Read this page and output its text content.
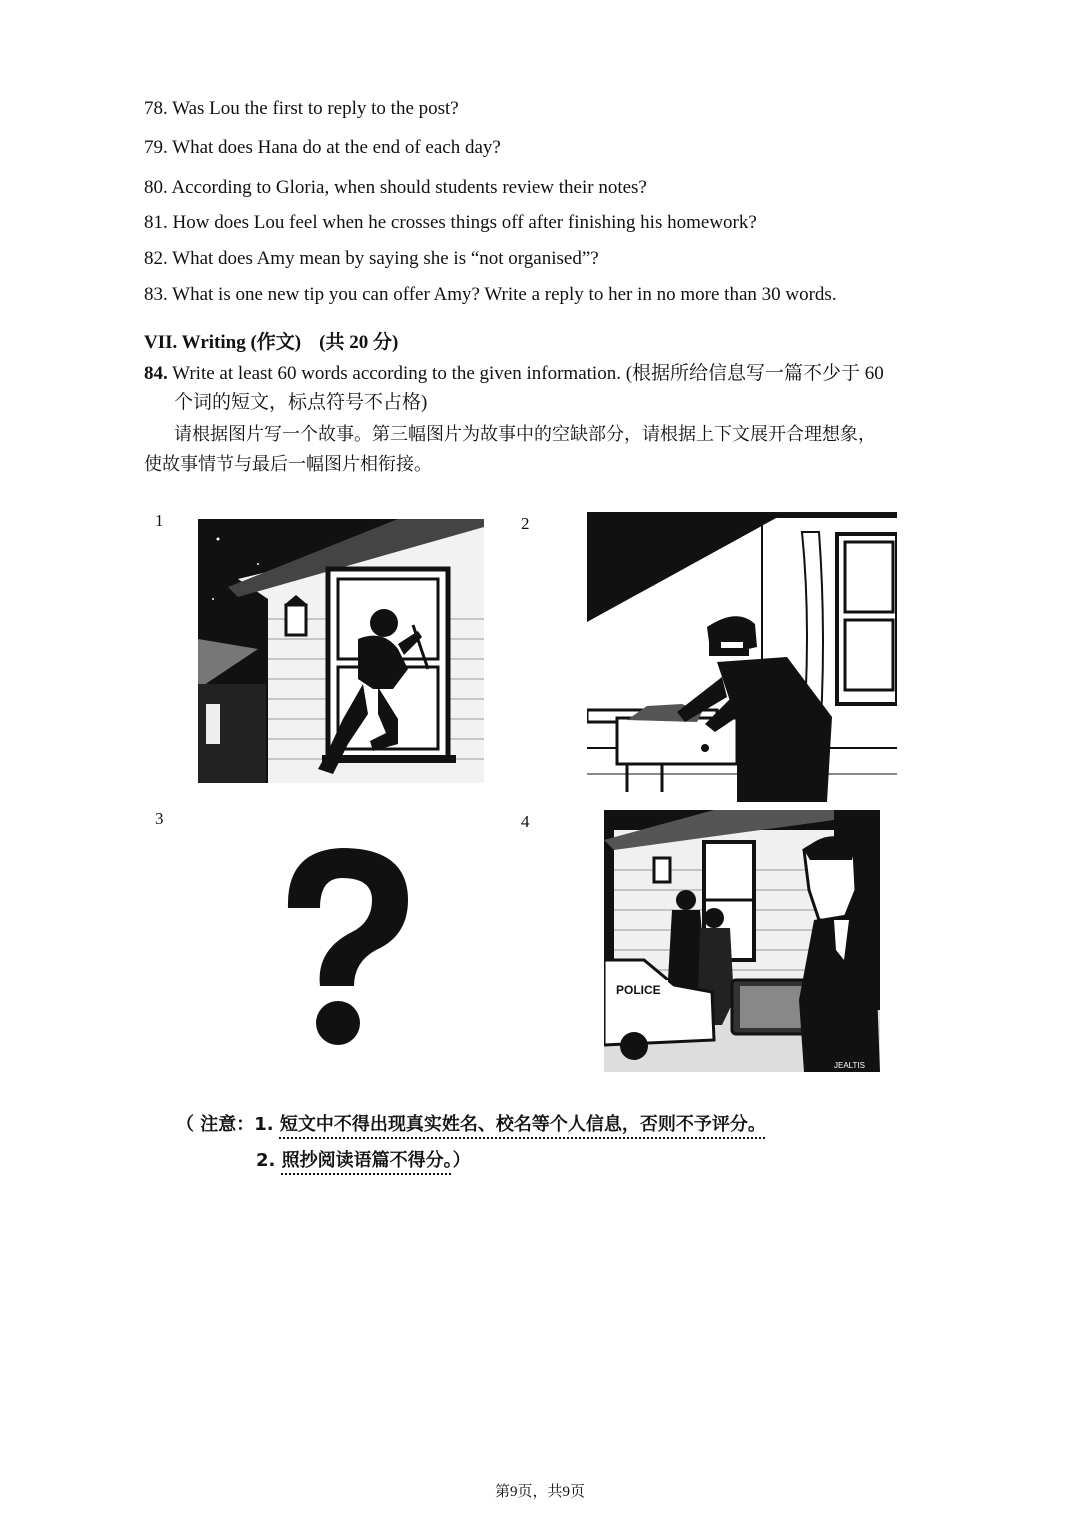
78. Was Lou the first to reply to the post?
79. What does Hana do at the end of each day?
80. According to Gloria, when should students review their notes?
81. How does Lou feel when he crosses things off after finishing his homework?
82. What does Amy mean by saying she is “not organised”?
83. What is one new tip you can offer Amy? Write a reply to her in no more than 30 words.
VII. Writing (作文) (共 20 分)
84. Write at least 60 words according to the given information. (根据所给信息写一篇不少于 60
个词的短文，标点符号不占格)
请根据图片写一个故事。第三幅图片为故事中的空缺部分，请根据上下文展开合理想象，
使故事情节与最后一幅图片相衔接。
1	2
3	4
POLICE
JEALTIS
（ 注意：1. 短文中不得出现真实姓名、校名等个人信息，否则不予评分。
2. 照抄阅读语篇不得分。）
第9页，共9页
